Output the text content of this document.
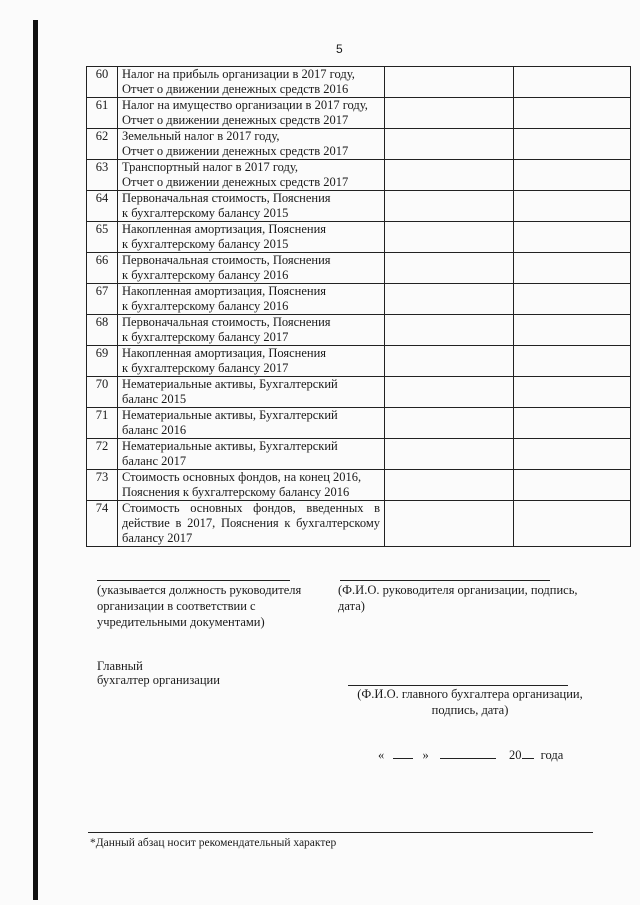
5
60	Налог на прибыль организации в 2017 году,
Отчет о движении денежных средств 2016		

61	Налог на имущество организации в 2017 году,
Отчет о движении денежных средств 2017		

62	Земельный налог в 2017 году,
Отчет о движении денежных средств 2017		

63	Транспортный налог в 2017 году,
Отчет о движении денежных средств 2017		

64	Первоначальная стоимость, Пояснения
к бухгалтерскому балансу 2015		

65	Накопленная амортизация, Пояснения
к бухгалтерскому балансу 2015		

66	Первоначальная стоимость, Пояснения
к бухгалтерскому балансу 2016		

67	Накопленная амортизация, Пояснения
к бухгалтерскому балансу 2016		

68	Первоначальная стоимость, Пояснения
к бухгалтерскому балансу 2017		

69	Накопленная амортизация, Пояснения
к бухгалтерскому балансу 2017		

70	Нематериальные активы, Бухгалтерский
баланс 2015		

71	Нематериальные активы, Бухгалтерский
баланс 2016		

72	Нематериальные активы, Бухгалтерский
баланс 2017		

73	Стоимость основных фондов, на конец 2016,
Пояснения к бухгалтерскому балансу 2016		

74	Стоимость основных фондов, введенных в действие в 2017, Пояснения к бухгалтерскому балансу 2017		
(указывается должность руководителя организации в соответствии с учредительными документами)
(Ф.И.О. руководителя организации, подпись, дата)
Главный
бухгалтер организации
(Ф.И.О. главного бухгалтера организации, подпись, дата)
«	»	20 года
*Данный абзац носит рекомендательный характер
